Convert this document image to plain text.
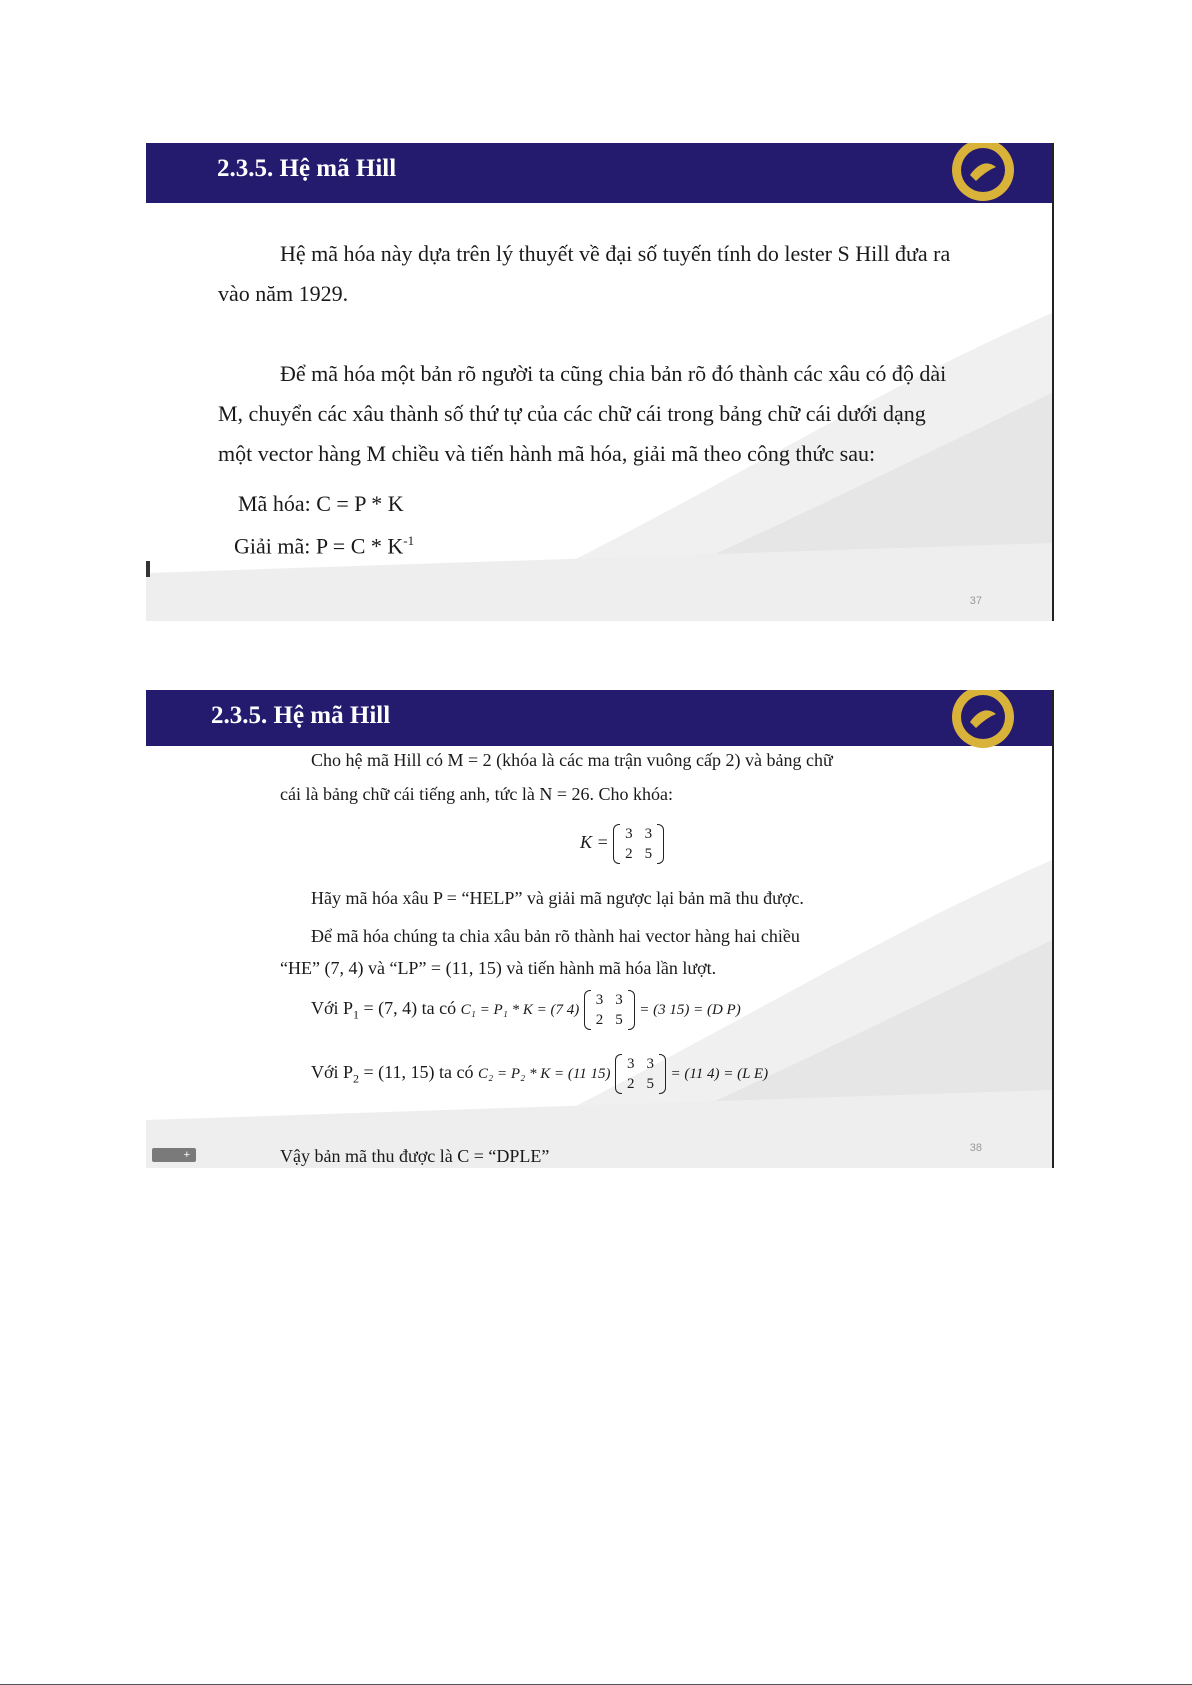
2.3.5. Hệ mã Hill
Hệ mã hóa này dựa trên lý thuyết về đại số tuyến tính do lester S Hill đưa ra
vào năm 1929.
Để mã hóa một bản rõ người ta cũng chia bản rõ đó thành các xâu có độ dài
M, chuyển các xâu thành số thứ tự của các chữ cái trong bảng chữ cái dưới dạng
một vector hàng M chiều và tiến hành mã hóa, giải mã theo công thức sau:
Mã hóa: C = P * K
Giải mã: $P = C * K^{-1}$
37
2.3.5. Hệ mã Hill
Cho hệ mã Hill có M = 2 (khóa là các ma trận vuông cấp 2) và bảng chữ
cái là bảng chữ cái tiếng anh, tức là N = 26. Cho khóa:
K = 3	3
2	5
Hãy mã hóa xâu P = “HELP” và giải mã ngược lại bản mã thu được.
Để mã hóa chúng ta chia xâu bản rõ thành hai vector hàng hai chiều
“HE” (7, 4) và “LP” = (11, 15) và tiến hành mã hóa lần lượt.
Với $P_1 = (7$, 4) ta có C₁ = P₁ * K = (7 4)
3	3
2	5
= (3 15) = (D P)
Với $P_2 = (11$, 15) ta có C₂ = P₂ * K = (11 15)
3	3
2	5
= (11 4) = (L E)
Vậy bản mã thu được là C = “DPLE”	38
+
